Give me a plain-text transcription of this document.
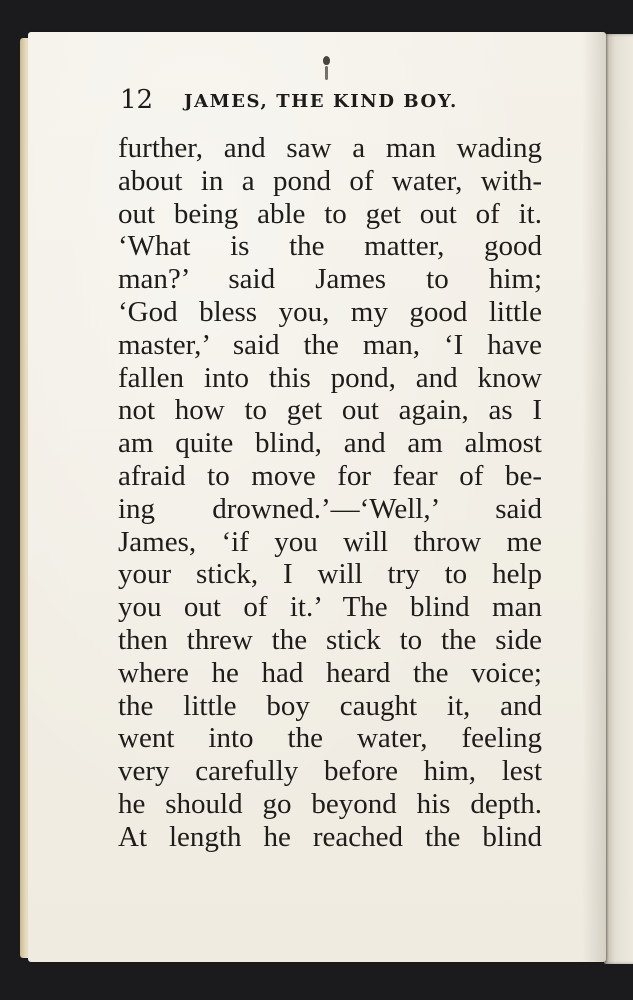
12 JAMES, THE KIND BOY.
further, and saw a man wading
about in a pond of water, with-
out being able to get out of it.
‘What is the matter, good
man?’ said James to him;
‘God bless you, my good little
master,’ said the man, ‘I have
fallen into this pond, and know
not how to get out again, as I
am quite blind, and am almost
afraid to move for fear of be-
ing drowned.’—‘Well,’ said
James, ‘if you will throw me
your stick, I will try to help
you out of it.’ The blind man
then threw the stick to the side
where he had heard the voice;
the little boy caught it, and
went into the water, feeling
very carefully before him, lest
he should go beyond his depth.
At length he reached the blind
